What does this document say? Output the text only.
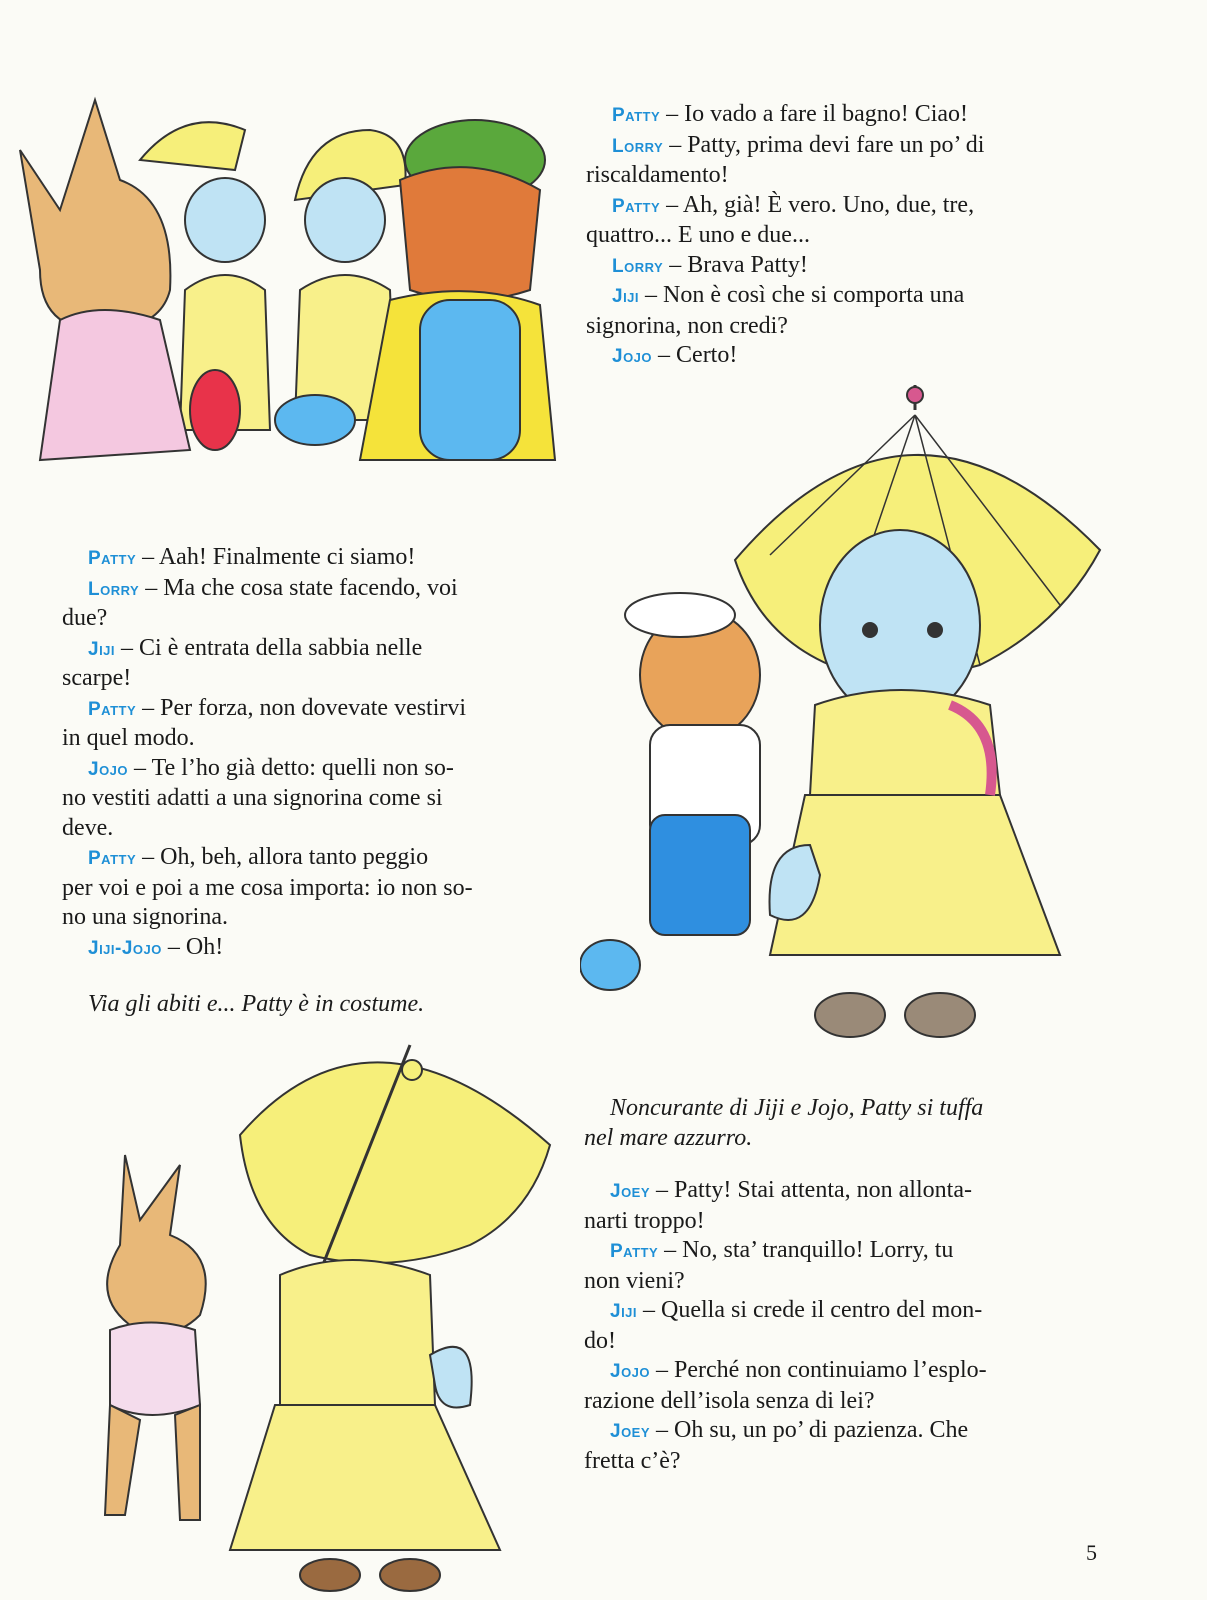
Patty – Io vado a fare il bagno! Ciao!
Lorry – Patty, prima devi fare un po’ di
riscaldamento!
Patty – Ah, già! È vero. Uno, due, tre,
quattro... E uno e due...
Lorry – Brava Patty!
Jiji – Non è così che si comporta una
signorina, non credi?
Jojo – Certo!
Patty – Aah! Finalmente ci siamo!
Lorry – Ma che cosa state facendo, voi
due?
Jiji – Ci è entrata della sabbia nelle
scarpe!
Patty – Per forza, non dovevate vestirvi
in quel modo.
Jojo – Te l’ho già detto: quelli non so-
no vestiti adatti a una signorina come si
deve.
Patty – Oh, beh, allora tanto peggio
per voi e poi a me cosa importa: io non so-
no una signorina.
Jiji-Jojo – Oh!
Via gli abiti e... Patty è in costume.
Noncurante di Jiji e Jojo, Patty si tuffa
nel mare azzurro.
Joey – Patty! Stai attenta, non allonta-
narti troppo!
Patty – No, sta’ tranquillo! Lorry, tu
non vieni?
Jiji – Quella si crede il centro del mon-
do!
Jojo – Perché non continuiamo l’esplo-
razione dell’isola senza di lei?
Joey – Oh su, un po’ di pazienza. Che
fretta c’è?
5
